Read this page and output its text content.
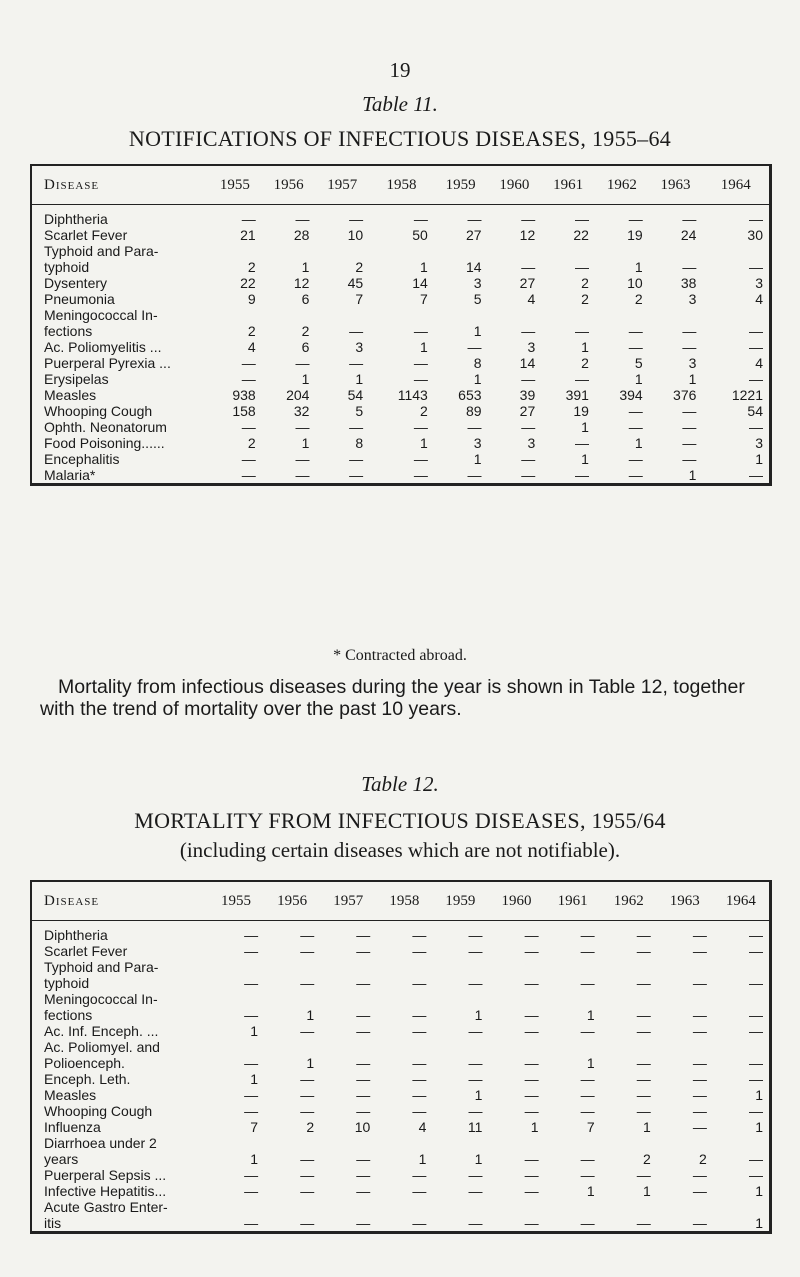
19
Table 11.
NOTIFICATIONS OF INFECTIOUS DISEASES, 1955–64
Disease	1955	1956	1957	1958	1959	1960	1961	1962	1963	1964
Diphtheria	—	—	—	—	—	—	—	—	—	—
Scarlet Fever	21	28	10	50	27	12	22	19	24	30
Typhoid and Para-
typhoid	2	1	2	1	14	—	—	1	—	—
Dysentery	22	12	45	14	3	27	2	10	38	3
Pneumonia	9	6	7	7	5	4	2	2	3	4
Meningococcal In-
fections	2	2	—	—	1	—	—	—	—	—
Ac. Poliomyelitis ...	4	6	3	1	—	3	1	—	—	—
Puerperal Pyrexia ...	—	—	—	—	8	14	2	5	3	4
Erysipelas	—	1	1	—	1	—	—	1	1	—
Measles	938	204	54	1143	653	39	391	394	376	1221
Whooping Cough	158	32	5	2	89	27	19	—	—	54
Ophth. Neonatorum	—	—	—	—	—	—	1	—	—	—
Food Poisoning......	2	1	8	1	3	3	—	1	—	3
Encephalitis	—	—	—	—	1	—	1	—	—	1
Malaria*	—	—	—	—	—	—	—	—	1	—
* Contracted abroad.
Mortality from infectious diseases during the year is shown in Table 12, together with the trend of mortality over the past 10 years.
Table 12.
MORTALITY FROM INFECTIOUS DISEASES, 1955/64
(including certain diseases which are not notifiable).
Disease	1955	1956	1957	1958	1959	1960	1961	1962	1963	1964
Diphtheria	—	—	—	—	—	—	—	—	—	—
Scarlet Fever	—	—	—	—	—	—	—	—	—	—
Typhoid and Para-
typhoid	—	—	—	—	—	—	—	—	—	—
Meningococcal In-
fections	—	1	—	—	1	—	1	—	—	—
Ac. Inf. Enceph. ...	1	—	—	—	—	—	—	—	—	—
Ac. Poliomyel. and
Polioenceph.	—	1	—	—	—	—	1	—	—	—
Enceph. Leth.	1	—	—	—	—	—	—	—	—	—
Measles	—	—	—	—	1	—	—	—	—	1
Whooping Cough	—	—	—	—	—	—	—	—	—	—
Influenza	7	2	10	4	11	1	7	1	—	1
Diarrhoea under 2
years	1	—	—	1	1	—	—	2	2	—
Puerperal Sepsis ...	—	—	—	—	—	—	—	—	—	—
Infective Hepatitis...	—	—	—	—	—	—	1	1	—	1
Acute Gastro Enter-
itis	—	—	—	—	—	—	—	—	—	1
